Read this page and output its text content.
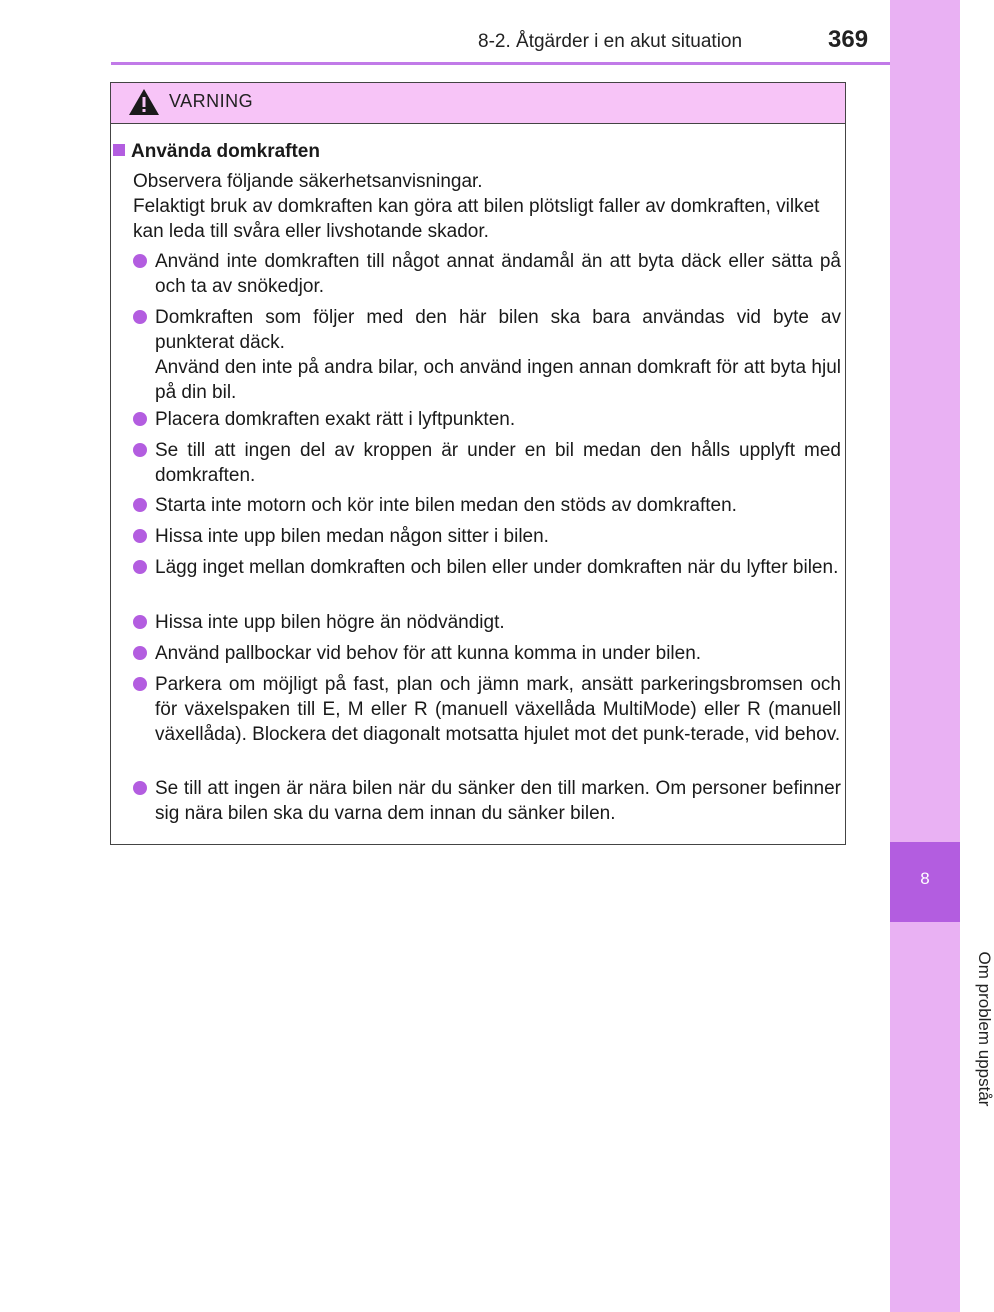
8
Om problem uppstår
8-2. Åtgärder i en akut situation	369
VARNING
Använda domkraften

Observera följande säkerhetsanvisningar.

Felaktigt bruk av domkraften kan göra att bilen plötsligt faller av domkraften, vilket kan leda till svåra eller livshotande skador.

Använd inte domkraften till något annat ändamål än att byta däck eller sätta på och ta av snökedjor.

Domkraften som följer med den här bilen ska bara användas vid byte av punkterat däck.

Använd den inte på andra bilar, och använd ingen annan domkraft för att byta hjul på din bil.

Placera domkraften exakt rätt i lyftpunkten.

Se till att ingen del av kroppen är under en bil medan den hålls upplyft med domkraften.

Starta inte motorn och kör inte bilen medan den stöds av domkraften.

Hissa inte upp bilen medan någon sitter i bilen.

Lägg inget mellan domkraften och bilen eller under domkraften när du lyfter bilen.

Hissa inte upp bilen högre än nödvändigt.

Använd pallbockar vid behov för att kunna komma in under bilen.

Parkera om möjligt på fast, plan och jämn mark, ansätt parkeringsbromsen och för växelspaken till E, M eller R (manuell växellåda MultiMode) eller R (manuell växellåda). Blockera det diagonalt motsatta hjulet mot det punk-terade, vid behov.

Se till att ingen är nära bilen när du sänker den till marken. Om personer befinner sig nära bilen ska du varna dem innan du sänker bilen.
